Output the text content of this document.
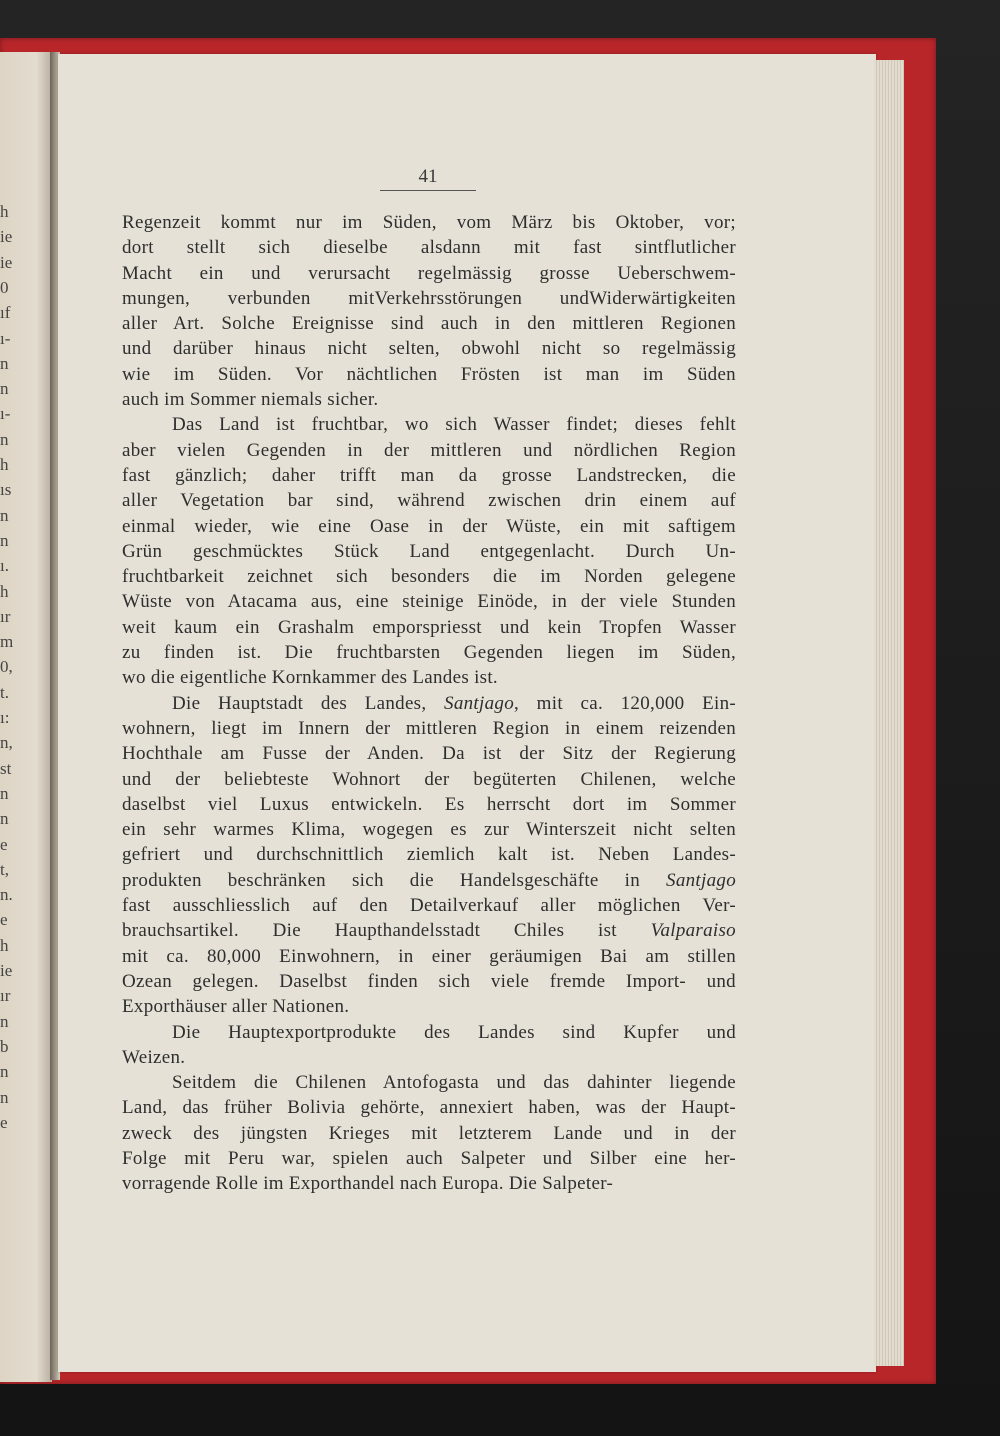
h
ie
ie
0
ıf
ı-
n
n
ı-
n
h
ıs
n
n
ı.
h
ır
m
0,
t.
ı:
n,
st
n
n
e
t,
n.
e
h
ie
ır
n
b
n
n
e
41
Regenzeit kommt nur im Süden, vom März bis Oktober, vor;
dort stellt sich dieselbe alsdann mit fast sintflutlicher
Macht ein und verursacht regelmässig grosse Ueberschwem-
mungen, verbunden mitVerkehrsstörungen undWiderwärtigkeiten
aller Art. Solche Ereignisse sind auch in den mittleren Regionen
und darüber hinaus nicht selten, obwohl nicht so regelmässig
wie im Süden. Vor nächtlichen Frösten ist man im Süden
auch im Sommer niemals sicher.
Das Land ist fruchtbar, wo sich Wasser findet; dieses fehlt
aber vielen Gegenden in der mittleren und nördlichen Region
fast gänzlich; daher trifft man da grosse Landstrecken, die
aller Vegetation bar sind, während zwischen drin einem auf
einmal wieder, wie eine Oase in der Wüste, ein mit saftigem
Grün geschmücktes Stück Land entgegenlacht. Durch Un-
fruchtbarkeit zeichnet sich besonders die im Norden gelegene
Wüste von Atacama aus, eine steinige Einöde, in der viele Stunden
weit kaum ein Grashalm emporspriesst und kein Tropfen Wasser
zu finden ist. Die fruchtbarsten Gegenden liegen im Süden,
wo die eigentliche Kornkammer des Landes ist.
Die Hauptstadt des Landes, Santjago, mit ca. 120,000 Ein-
wohnern, liegt im Innern der mittleren Region in einem reizenden
Hochthale am Fusse der Anden. Da ist der Sitz der Regierung
und der beliebteste Wohnort der begüterten Chilenen, welche
daselbst viel Luxus entwickeln. Es herrscht dort im Sommer
ein sehr warmes Klima, wogegen es zur Winterszeit nicht selten
gefriert und durchschnittlich ziemlich kalt ist. Neben Landes-
produkten beschränken sich die Handelsgeschäfte in Santjago
fast ausschliesslich auf den Detailverkauf aller möglichen Ver-
brauchsartikel. Die Haupthandelsstadt Chiles ist Valparaiso
mit ca. 80,000 Einwohnern, in einer geräumigen Bai am stillen
Ozean gelegen. Daselbst finden sich viele fremde Import- und
Exporthäuser aller Nationen.
Die Hauptexportprodukte des Landes sind Kupfer und
Weizen.
Seitdem die Chilenen Antofogasta und das dahinter liegende
Land, das früher Bolivia gehörte, annexiert haben, was der Haupt-
zweck des jüngsten Krieges mit letzterem Lande und in der
Folge mit Peru war, spielen auch Salpeter und Silber eine her-
vorragende Rolle im Exporthandel nach Europa. Die Salpeter-
